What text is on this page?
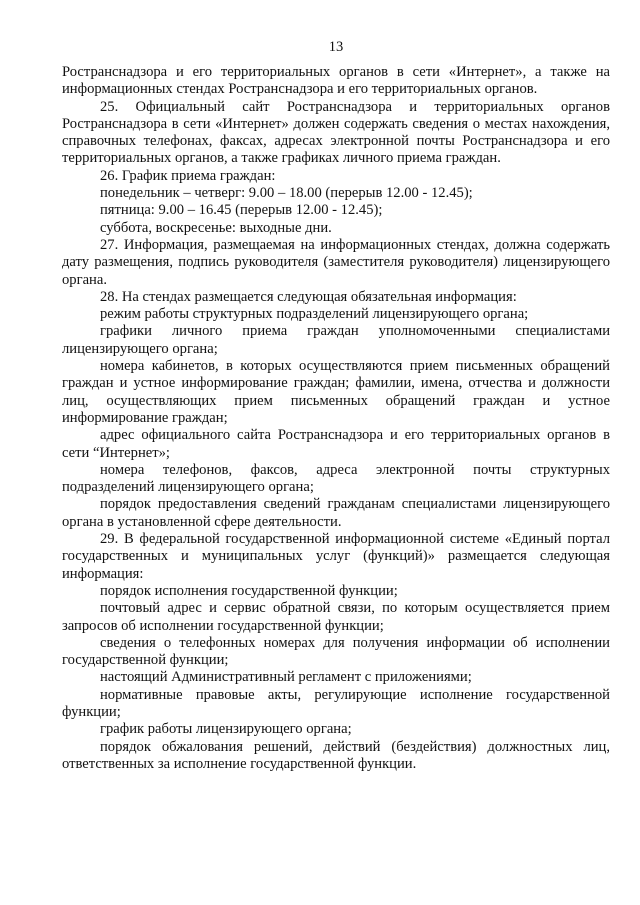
13

Ространснадзора и его территориальных органов в сети «Интернет», а также на информационных стендах Ространснадзора и его территориальных органов.

25. Официальный сайт Ространснадзора и территориальных органов Ространснадзора в сети «Интернет» должен содержать сведения о местах нахождения, справочных телефонах, факсах, адресах электронной почты Ространснадзора и его территориальных органов, а также графиках личного приема граждан.

26. График приема граждан:

понедельник – четверг: 9.00 – 18.00 (перерыв 12.00 - 12.45);

пятница: 9.00 – 16.45 (перерыв 12.00 - 12.45);

суббота, воскресенье: выходные дни.

27. Информация, размещаемая на информационных стендах, должна содержать дату размещения, подпись руководителя (заместителя руководителя) лицензирующего органа.

28. На стендах размещается следующая обязательная информация:

режим работы структурных подразделений лицензирующего органа;

графики личного приема граждан уполномоченными специалистами лицензирующего органа;

номера кабинетов, в которых осуществляются прием письменных обращений граждан и устное информирование граждан; фамилии, имена, отчества и должности лиц, осуществляющих прием письменных обращений граждан и устное информирование граждан;

адрес официального сайта Ространснадзора и его территориальных органов в сети “Интернет»;

номера телефонов, факсов, адреса электронной почты структурных подразделений лицензирующего органа;

порядок предоставления сведений гражданам специалистами лицензирующего органа в установленной сфере деятельности.

29. В федеральной государственной информационной системе «Единый портал государственных и муниципальных услуг (функций)» размещается следующая информация:

порядок исполнения государственной функции;

почтовый адрес и сервис обратной связи, по которым осуществляется прием запросов об исполнении государственной функции;

сведения о телефонных номерах для получения информации об исполнении государственной функции;

настоящий Административный регламент с приложениями;

нормативные правовые акты, регулирующие исполнение государственной функции;

график работы лицензирующего органа;

порядок обжалования решений, действий (бездействия) должностных лиц, ответственных за исполнение государственной функции.
